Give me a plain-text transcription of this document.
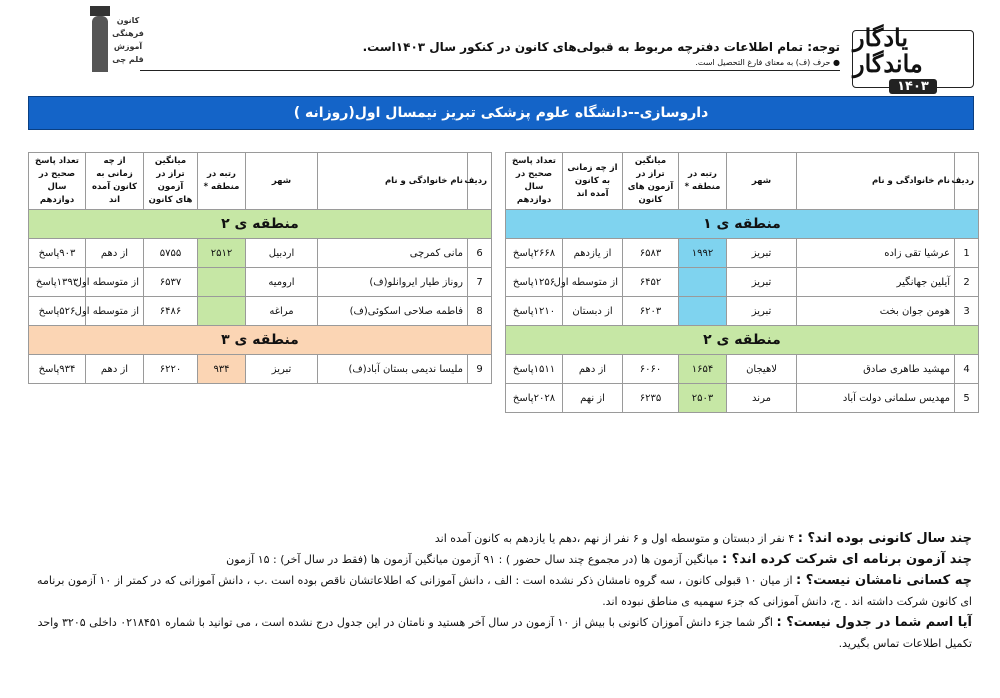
یادگار ماندگار
۱۴۰۳
توجه: تمام اطلاعات دفترچه مربوط به قبولی‌های کانون در کنکور سال ۱۴۰۳است.
● حرف (ف) به معنای فارغ التحصیل است.
کانون
فرهنگی
آموزش
قلم چی
داروسازی--دانشگاه علوم پزشکی تبریز نیمسال اول(روزانه )
ردیف	نام خانوادگی و نام	شهر	رتبه در منطقه *	میانگین تراز در آزمون های کانون	از چه زمانی به کانون آمده اند	تعداد پاسخ صحیح در سال دوازدهم
منطقه ی ۱						
1	عرشیا تقی زاده	تبریز	۱۹۹۲	۶۵۸۳	از یازدهم	۲۶۶۸پاسخ
2	آیلین جهانگیر	تبریز		۶۴۵۲	از متوسطه اول	۱۲۵۶پاسخ
3	هومن جوان بخت	تبریز		۶۲۰۳	از دبستان	۱۲۱۰پاسخ
منطقه ی ۲						
4	مهشید طاهری صادق	لاهیجان	۱۶۵۴	۶۰۶۰	از دهم	۱۵۱۱پاسخ
5	مهدیس سلمانی دولت آباد	مرند	۲۵۰۳	۶۲۳۵	از نهم	۲۰۲۸پاسخ
ردیف	نام خانوادگی و نام	شهر	رتبه در منطقه *	میانگین تراز در آزمون های کانون	از چه زمانی به کانون آمده اند	تعداد پاسخ صحیح در سال دوازدهم
منطقه ی ۲						
6	مانی کمرچی	اردبیل	۲۵۱۲	۵۷۵۵	از دهم	۹۰۳پاسخ
7	روناز طیار ایروانلو(ف)	ارومیه		۶۵۳۷	از متوسطه اول	۱۳۹۳پاسخ
8	فاطمه صلاحی اسکوئی(ف)	مراغه		۶۴۸۶	از متوسطه اول	۵۲۶پاسخ
منطقه ی ۳						
9	ملیسا ندیمی بستان آباد(ف)	تبریز	۹۳۴	۶۲۲۰	از دهم	۹۳۴پاسخ

چند سال کانونی بوده اند؟ : ۴ نفر از دبستان و متوسطه اول و ۶ نفر از نهم ،دهم یا یازدهم به کانون آمده اند

چند آزمون برنامه ای شرکت کرده اند؟ : میانگین آزمون ها (در مجموع چند سال حضور ) : ۹۱ آزمون میانگین آزمون ها (فقط در سال آخر) : ۱۵ آزمون

چه کسانی نامشان نیست؟ : از میان ۱۰ قبولی کانون ، سه گروه نامشان ذکر نشده است : الف ، دانش آموزانی که اطلاعاتشان ناقص بوده است .ب ، دانش آموزانی که در کمتر از ۱۰ آزمون برنامه ای کانون شرکت داشته اند . ج، دانش آموزانی که جزء سهمیه ی مناطق نبوده اند.

آیا اسم شما در جدول نیست؟ : اگر شما جزء دانش آموزان کانونی با بیش از ۱۰ آزمون در سال آخر هستید و نامتان در این جدول درج نشده است ، می توانید با شماره ۰۲۱۸۴۵۱ داخلی ۳۲۰۵ واحد تکمیل اطلاعات تماس بگیرید.
